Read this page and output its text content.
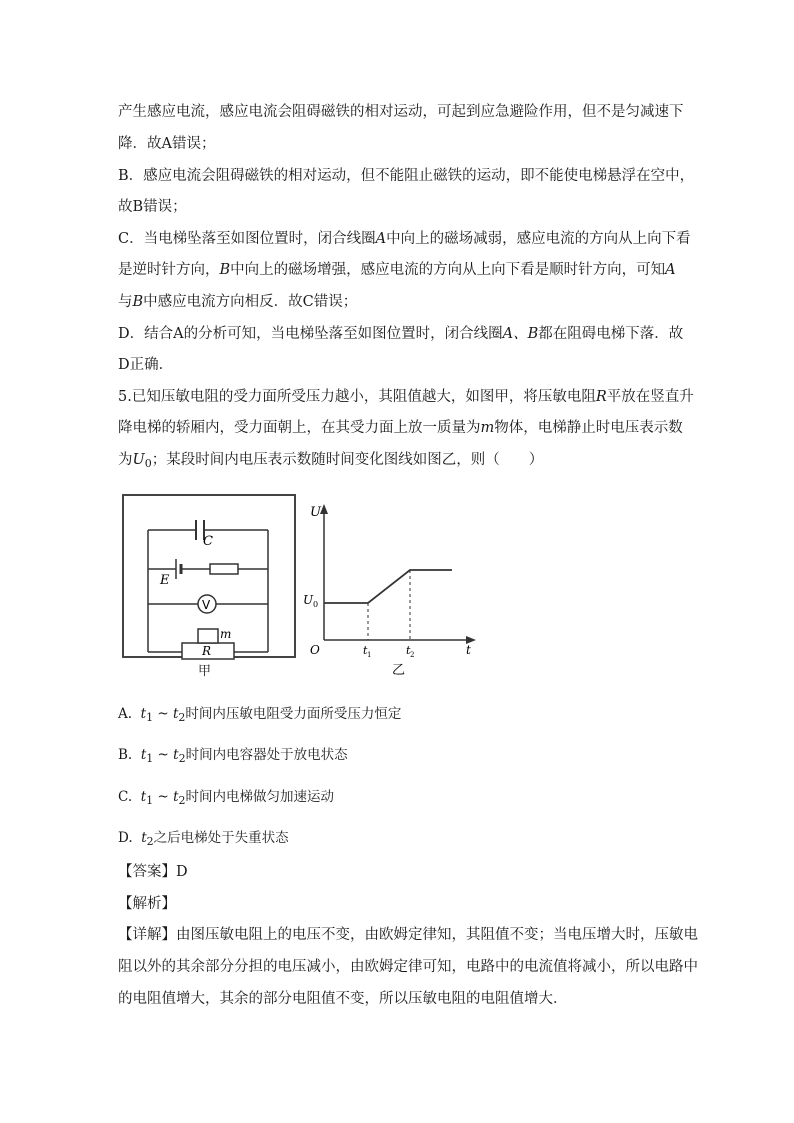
产生感应电流，感应电流会阻碍磁铁的相对运动，可起到应急避险作用，但不是匀减速下
降．故A错误；
B．感应电流会阻碍磁铁的相对运动，但不能阻止磁铁的运动，即不能使电梯悬浮在空中，
故B错误；
C．当电梯坠落至如图位置时，闭合线圈A中向上的磁场减弱，感应电流的方向从上向下看
是逆时针方向，B中向上的磁场增强，感应电流的方向从上向下看是顺时针方向，可知A
与B中感应电流方向相反．故C错误；
D．结合A的分析可知，当电梯坠落至如图位置时，闭合线圈A、B都在阻碍电梯下落．故
D正确．
5.已知压敏电阻的受力面所受压力越小，其阻值越大，如图甲，将压敏电阻R平放在竖直升
降电梯的轿厢内，受力面朝上，在其受力面上放一质量为m物体，电梯静止时电压表示数
为$U_0$；某段时间内电压表示数随时间变化图线如图乙，则（　　）
C
E
V
R
m
甲
U
U 0
O	t 1	t 2	t
乙
A. $t_1$ ~ $t_2$时间内压敏电阻受力面所受压力恒定
B. $t_1$ ~ $t_2$时间内电容器处于放电状态
C. $t_1$ ~ $t_2$时间内电梯做匀加速运动
D. $t_2$之后电梯处于失重状态
【答案】D
【解析】
【详解】由图压敏电阻上的电压不变，由欧姆定律知，其阻值不变；当电压增大时，压敏电
阻以外的其余部分分担的电压减小，由欧姆定律可知，电路中的电流值将减小，所以电路中
的电阻值增大，其余的部分电阻值不变，所以压敏电阻的电阻值增大．
